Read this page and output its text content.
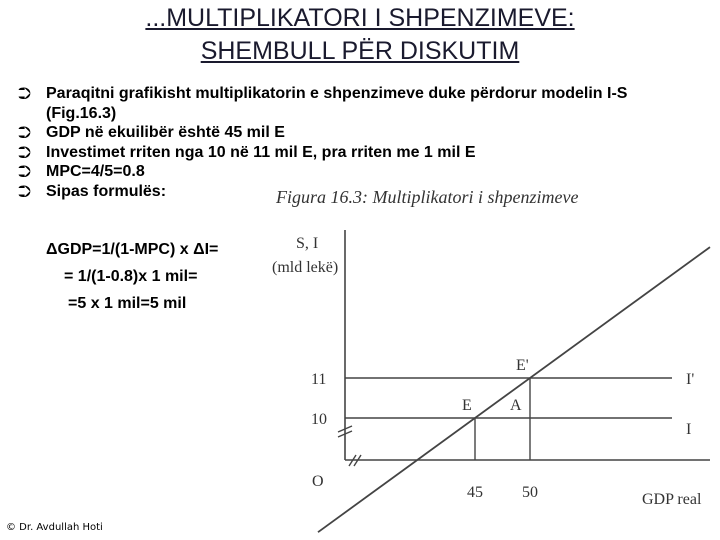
...MULTIPLIKATORI I SHPENZIMEVE:
SHEMBULL PËR DISKUTIM
⮊ Paraqitni grafikisht multiplikatorin e shpenzimeve duke përdorur modelin I-S (Fig.16.3)
⮊ GDP në ekuilibër është 45 mil E
⮊ Investimet rriten nga 10 në 11 mil E, pra rriten me 1 mil E
⮊ MPC=4/5=0.8
⮊ Sipas formulës:
ΔGDP=1/(1-MPC) x ΔI=
= 1/(1-0.8)x 1 mil=
=5 x 1 mil=5 mil
Figura 16.3: Multiplikatori i shpenzimeve
S, I
(mld lekë)
O
GDP real
45 50
10
11
E
E'
A
I'
I
© Dr. Avdullah Hoti
